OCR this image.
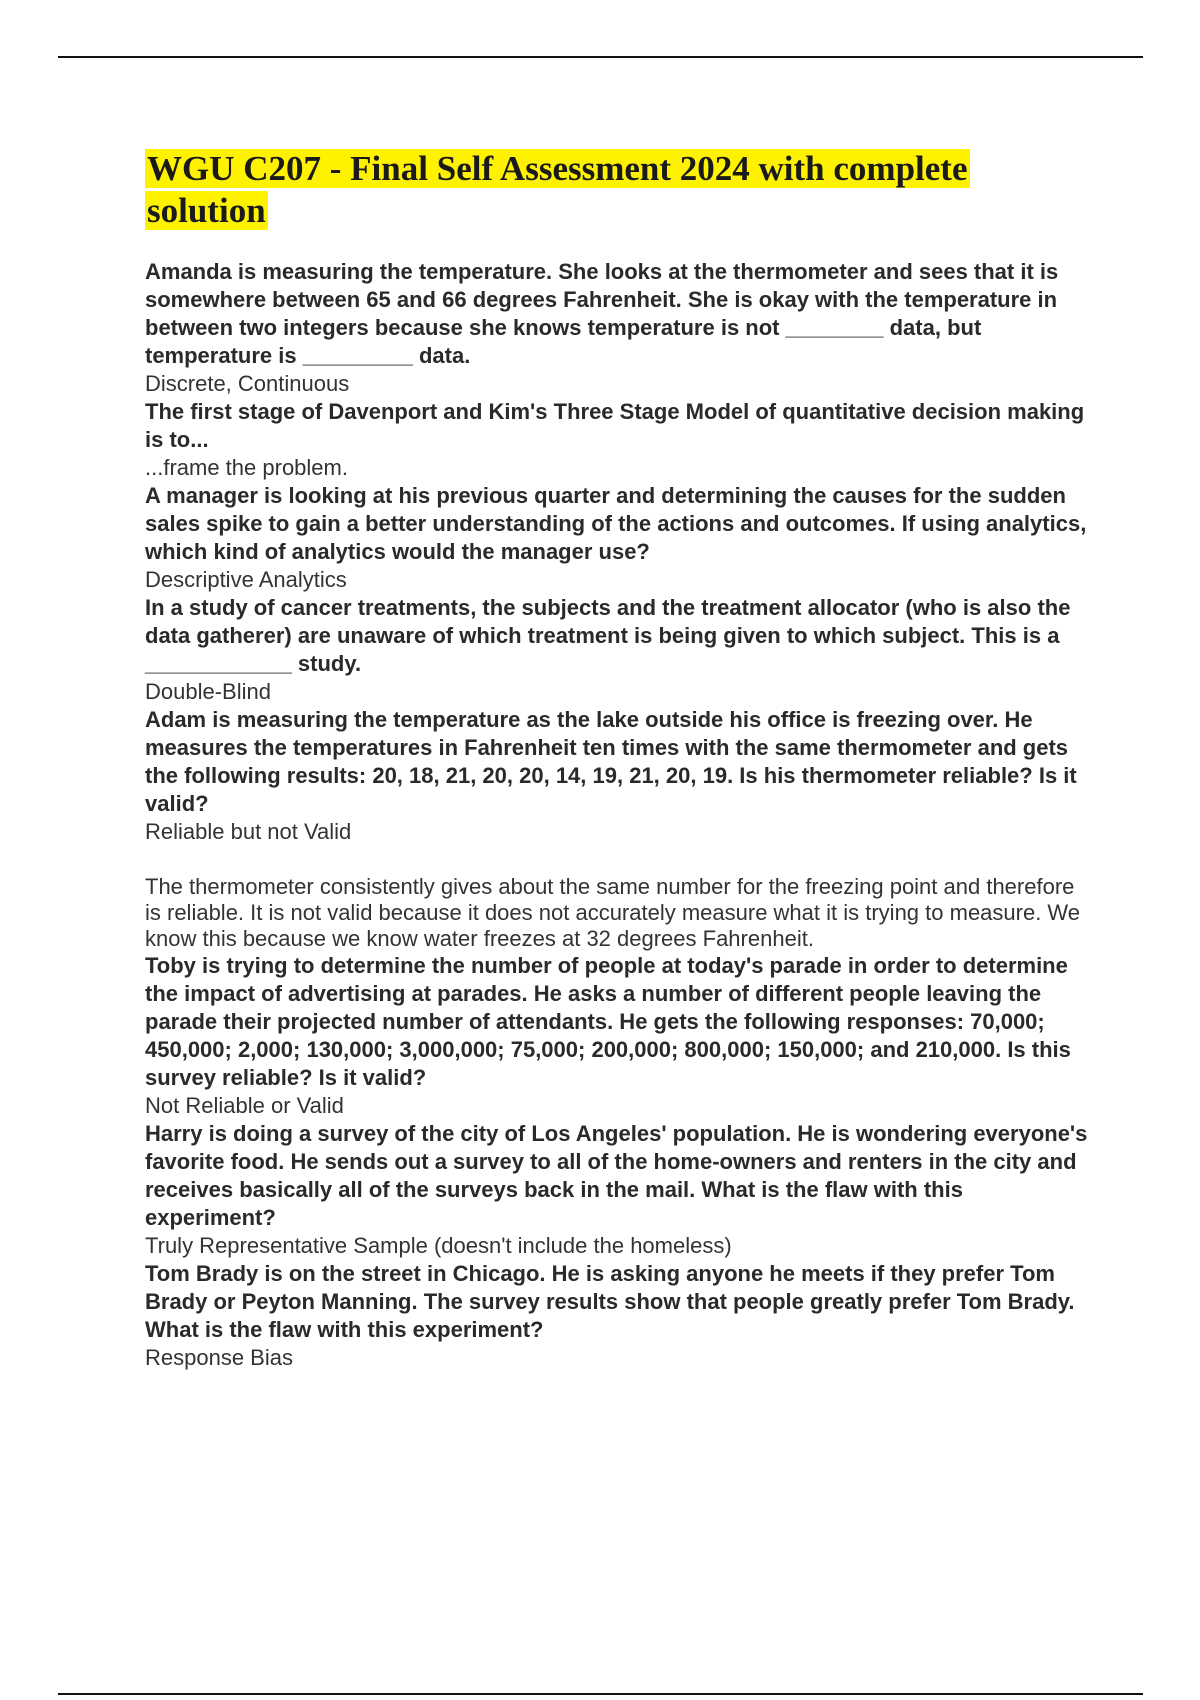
WGU C207 - Final Self Assessment 2024 with complete solution

Amanda is measuring the temperature. She looks at the thermometer and sees that it is somewhere between 65 and 66 degrees Fahrenheit. She is okay with the temperature in between two integers because she knows temperature is not ________ data, but temperature is _________ data.

Discrete, Continuous

The first stage of Davenport and Kim's Three Stage Model of quantitative decision making is to...

...frame the problem.

A manager is looking at his previous quarter and determining the causes for the sudden sales spike to gain a better understanding of the actions and outcomes. If using analytics, which kind of analytics would the manager use?

Descriptive Analytics

In a study of cancer treatments, the subjects and the treatment allocator (who is also the data gatherer) are unaware of which treatment is being given to which subject. This is a ____________ study.

Double-Blind

Adam is measuring the temperature as the lake outside his office is freezing over. He measures the temperatures in Fahrenheit ten times with the same thermometer and gets the following results: 20, 18, 21, 20, 20, 14, 19, 21, 20, 19. Is his thermometer reliable? Is it valid?

Reliable but not Valid

The thermometer consistently gives about the same number for the freezing point and therefore is reliable. It is not valid because it does not accurately measure what it is trying to measure. We know this because we know water freezes at 32 degrees Fahrenheit.

Toby is trying to determine the number of people at today's parade in order to determine the impact of advertising at parades. He asks a number of different people leaving the parade their projected number of attendants. He gets the following responses: 70,000; 450,000; 2,000; 130,000; 3,000,000; 75,000; 200,000; 800,000; 150,000; and 210,000. Is this survey reliable? Is it valid?

Not Reliable or Valid

Harry is doing a survey of the city of Los Angeles' population. He is wondering everyone's favorite food. He sends out a survey to all of the home-owners and renters in the city and receives basically all of the surveys back in the mail. What is the flaw with this experiment?

Truly Representative Sample (doesn't include the homeless)

Tom Brady is on the street in Chicago. He is asking anyone he meets if they prefer Tom Brady or Peyton Manning. The survey results show that people greatly prefer Tom Brady. What is the flaw with this experiment?

Response Bias
